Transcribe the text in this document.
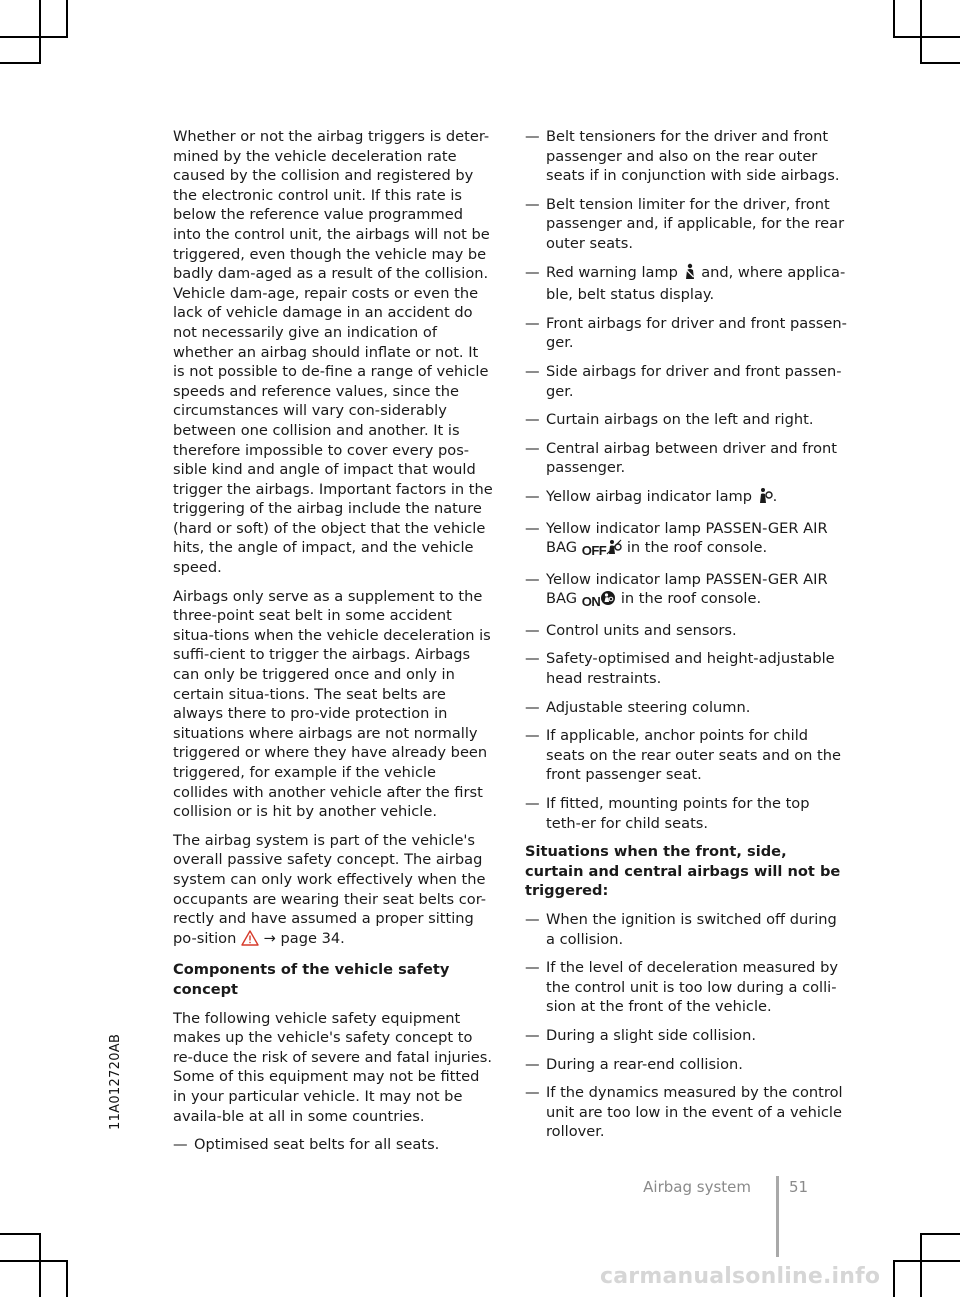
Whether or not the airbag triggers is deter-mined by the vehicle deceleration rate caused by the collision and registered by the electronic control unit. If this rate is below the reference value programmed into the control unit, the airbags will not be triggered, even though the vehicle may be badly dam-aged as a result of the collision. Vehicle dam-age, repair costs or even the lack of vehicle damage in an accident do not necessarily give an indication of whether an airbag should inflate or not. It is not possible to de-fine a range of vehicle speeds and reference values, since the circumstances will vary con-siderably between one collision and another. It is therefore impossible to cover every pos-sible kind and angle of impact that would trigger the airbags. Important factors in the triggering of the airbag include the nature (hard or soft) of the object that the vehicle hits, the angle of impact, and the vehicle speed.

Airbags only serve as a supplement to the three-point seat belt in some accident situa-tions when the vehicle deceleration is suffi-cient to trigger the airbags. Airbags can only be triggered once and only in certain situa-tions. The seat belts are always there to pro-vide protection in situations where airbags are not normally triggered or where they have already been triggered, for example if the vehicle collides with another vehicle after the first collision or is hit by another vehicle.

The airbag system is part of the vehicle's overall passive safety concept. The airbag system can only work effectively when the occupants are wearing their seat belts cor-rectly and have assumed a proper sitting po-sition → page 34.

Components of the vehicle safety concept

The following vehicle safety equipment makes up the vehicle's safety concept to re-duce the risk of severe and fatal injuries. Some of this equipment may not be fitted in your particular vehicle. It may not be availa-ble at all in some countries.

— Optimised seat belts for all seats.
— Belt tensioners for the driver and front passenger and also on the rear outer seats if in conjunction with side airbags.
— Belt tension limiter for the driver, front passenger and, if applicable, for the rear outer seats.
— Red warning lamp and, where applica-ble, belt status display.
— Front airbags for driver and front passen-ger.
— Side airbags for driver and front passen-ger.
— Curtain airbags on the left and right.
— Central airbag between driver and front passenger.
— Yellow airbag indicator lamp .
— Yellow indicator lamp PASSEN-GER AIR BAG OFF in the roof console.
— Yellow indicator lamp PASSEN-GER AIR BAG ON in the roof console.
— Control units and sensors.
— Safety-optimised and height-adjustable head restraints.
— Adjustable steering column.
— If applicable, anchor points for child seats on the rear outer seats and on the front passenger seat.
— If fitted, mounting points for the top teth-er for child seats.
Situations when the front, side, curtain and central airbags will not be triggered:
— When the ignition is switched off during a collision.
— If the level of deceleration measured by the control unit is too low during a colli-sion at the front of the vehicle.
— During a slight side collision.
— During a rear-end collision.
— If the dynamics measured by the control unit are too low in the event of a vehicle rollover.
11A012720AB
Airbag system	51
carmanualsonline.info
